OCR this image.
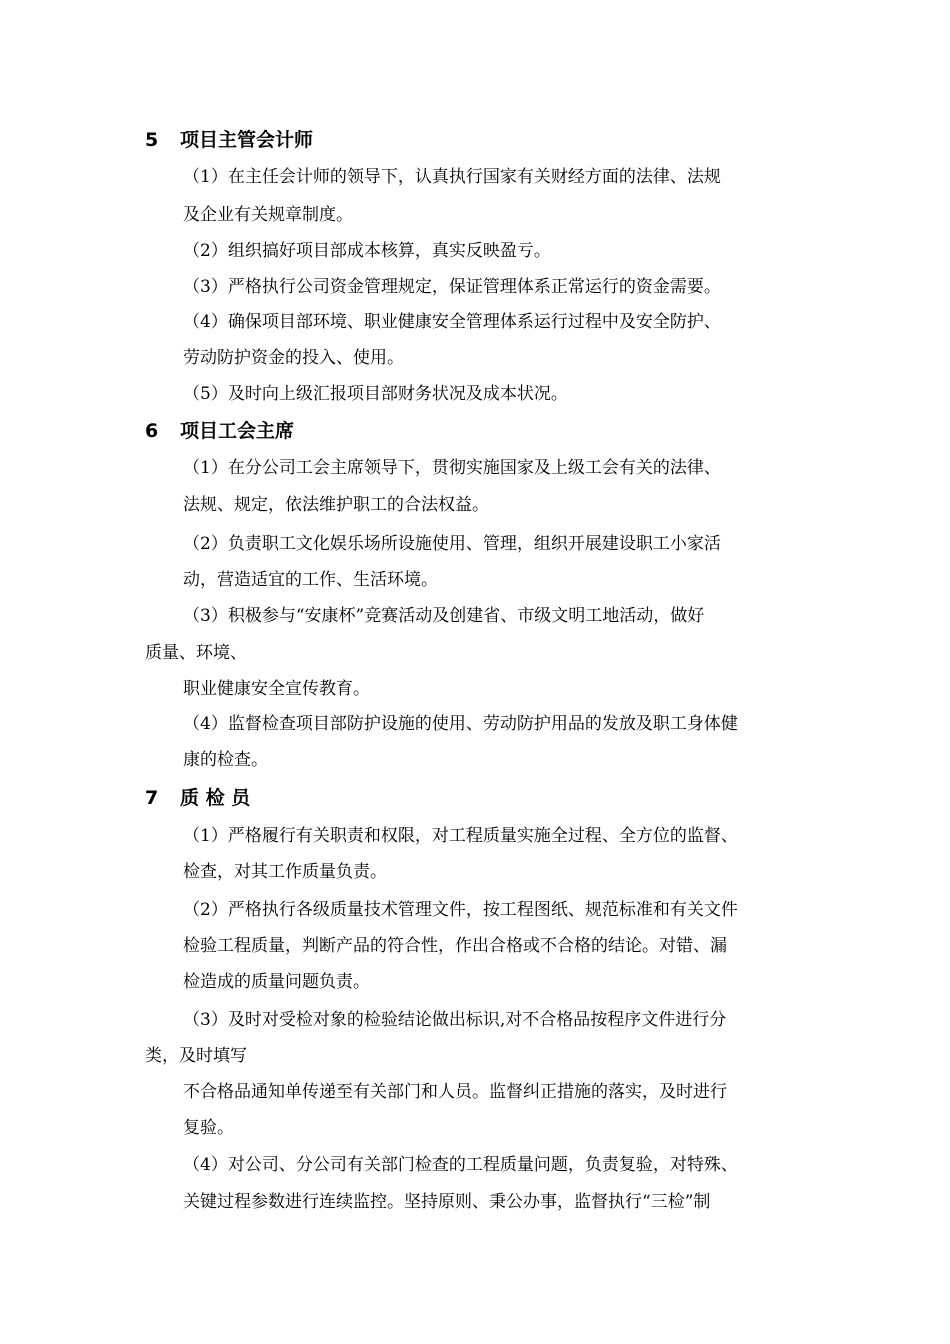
5 项目主管会计师
（1）在主任会计师的领导下，认真执行国家有关财经方面的法律、法规
及企业有关规章制度。
（2）组织搞好项目部成本核算，真实反映盈亏。
（3）严格执行公司资金管理规定，保证管理体系正常运行的资金需要。
（4）确保项目部环境、职业健康安全管理体系运行过程中及安全防护、
劳动防护资金的投入、使用。
（5）及时向上级汇报项目部财务状况及成本状况。
6 项目工会主席
（1）在分公司工会主席领导下，贯彻实施国家及上级工会有关的法律、
法规、规定，依法维护职工的合法权益。
（2）负责职工文化娱乐场所设施使用、管理，组织开展建设职工小家活
动，营造适宜的工作、生活环境。
（3）积极参与“安康杯”竞赛活动及创建省、市级文明工地活动，做好
质量、环境、
职业健康安全宣传教育。
（4）监督检查项目部防护设施的使用、劳动防护用品的发放及职工身体健
康的检查。
7 质 检 员
（1）严格履行有关职责和权限，对工程质量实施全过程、全方位的监督、
检查，对其工作质量负责。
（2）严格执行各级质量技术管理文件，按工程图纸、规范标准和有关文件
检验工程质量，判断产品的符合性，作出合格或不合格的结论。对错、漏
检造成的质量问题负责。
（3）及时对受检对象的检验结论做出标识,对不合格品按程序文件进行分
类，及时填写
不合格品通知单传递至有关部门和人员。监督纠正措施的落实，及时进行
复验。
（4）对公司、分公司有关部门检查的工程质量问题，负责复验，对特殊、
关键过程参数进行连续监控。坚持原则、秉公办事，监督执行“三检”制
